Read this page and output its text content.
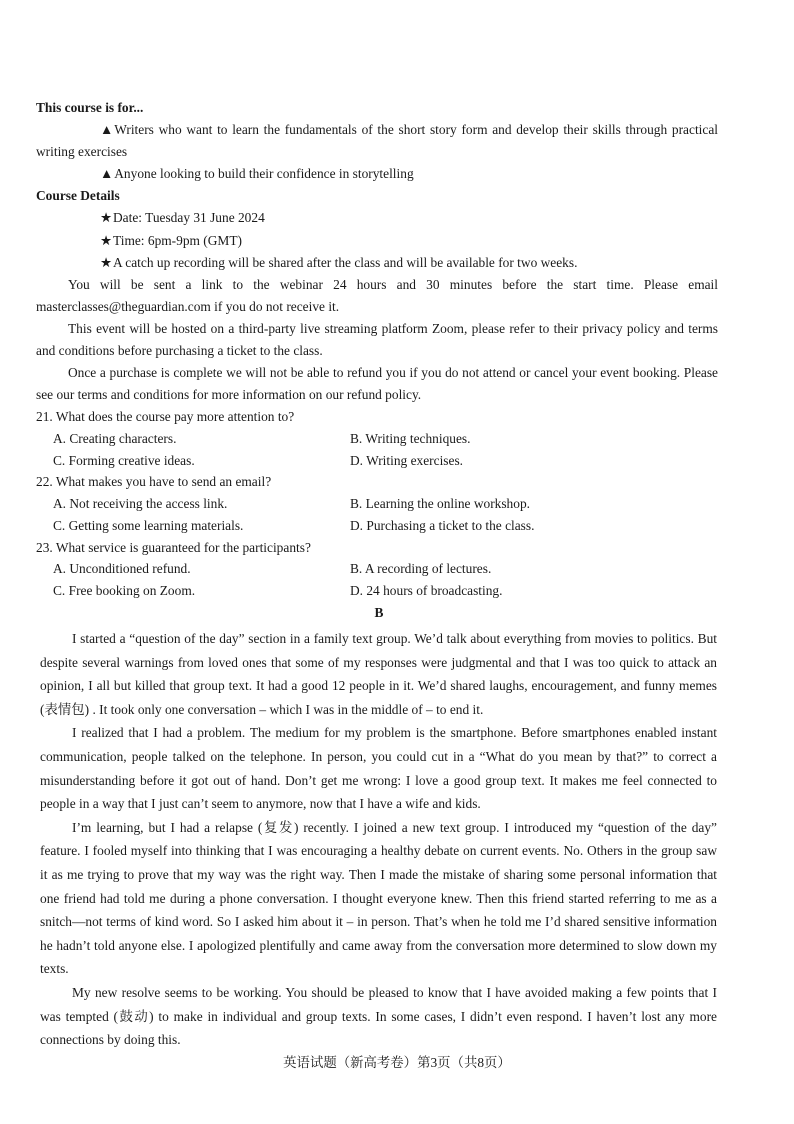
This course is for...

▲Writers who want to learn the fundamentals of the short story form and develop their skills through practical writing exercises

▲Anyone looking to build their confidence in storytelling

Course Details

★Date: Tuesday 31 June 2024

★Time: 6pm-9pm (GMT)

★A catch up recording will be shared after the class and will be available for two weeks.

You will be sent a link to the webinar 24 hours and 30 minutes before the start time. Please email masterclasses@theguardian.com if you do not receive it.

This event will be hosted on a third-party live streaming platform Zoom, please refer to their privacy policy and terms and conditions before purchasing a ticket to the class.

Once a purchase is complete we will not be able to refund you if you do not attend or cancel your event booking. Please see our terms and conditions for more information on our refund policy.

21. What does the course pay more attention to?
A. Creating characters.	B. Writing techniques.
C. Forming creative ideas.	D. Writing exercises.
22. What makes you have to send an email?
A. Not receiving the access link.	B. Learning the online workshop.
C. Getting some learning materials.	D. Purchasing a ticket to the class.
23. What service is guaranteed for the participants?
A. Unconditioned refund.	B. A recording of lectures.
C. Free booking on Zoom.	D. 24 hours of broadcasting.
B

I started a “question of the day” section in a family text group. We’d talk about everything from movies to politics. But despite several warnings from loved ones that some of my responses were judgmental and that I was too quick to attack an opinion, I all but killed that group text. It had a good 12 people in it. We’d shared laughs, encouragement, and funny memes (表情包) . It took only one conversation – which I was in the middle of – to end it.

I realized that I had a problem. The medium for my problem is the smartphone. Before smartphones enabled instant communication, people talked on the telephone. In person, you could cut in a “What do you mean by that?” to correct a misunderstanding before it got out of hand. Don’t get me wrong: I love a good group text. It makes me feel connected to people in a way that I just can’t seem to anymore, now that I have a wife and kids.

I’m learning, but I had a relapse (复发) recently. I joined a new text group. I introduced my “question of the day” feature. I fooled myself into thinking that I was encouraging a healthy debate on current events. No. Others in the group saw it as me trying to prove that my way was the right way. Then I made the mistake of sharing some personal information that one friend had told me during a phone conversation. I thought everyone knew. Then this friend started referring to me as a snitch—not terms of kind word. So I asked him about it – in person. That’s when he told me I’d shared sensitive information he hadn’t told anyone else. I apologized plentifully and came away from the conversation more determined to slow down my texts.

My new resolve seems to be working. You should be pleased to know that I have avoided making a few points that I was tempted (鼓动) to make in individual and group texts. In some cases, I didn’t even respond. I haven’t lost any more connections by doing this.

英语试题（新高考卷）第3页（共8页）
